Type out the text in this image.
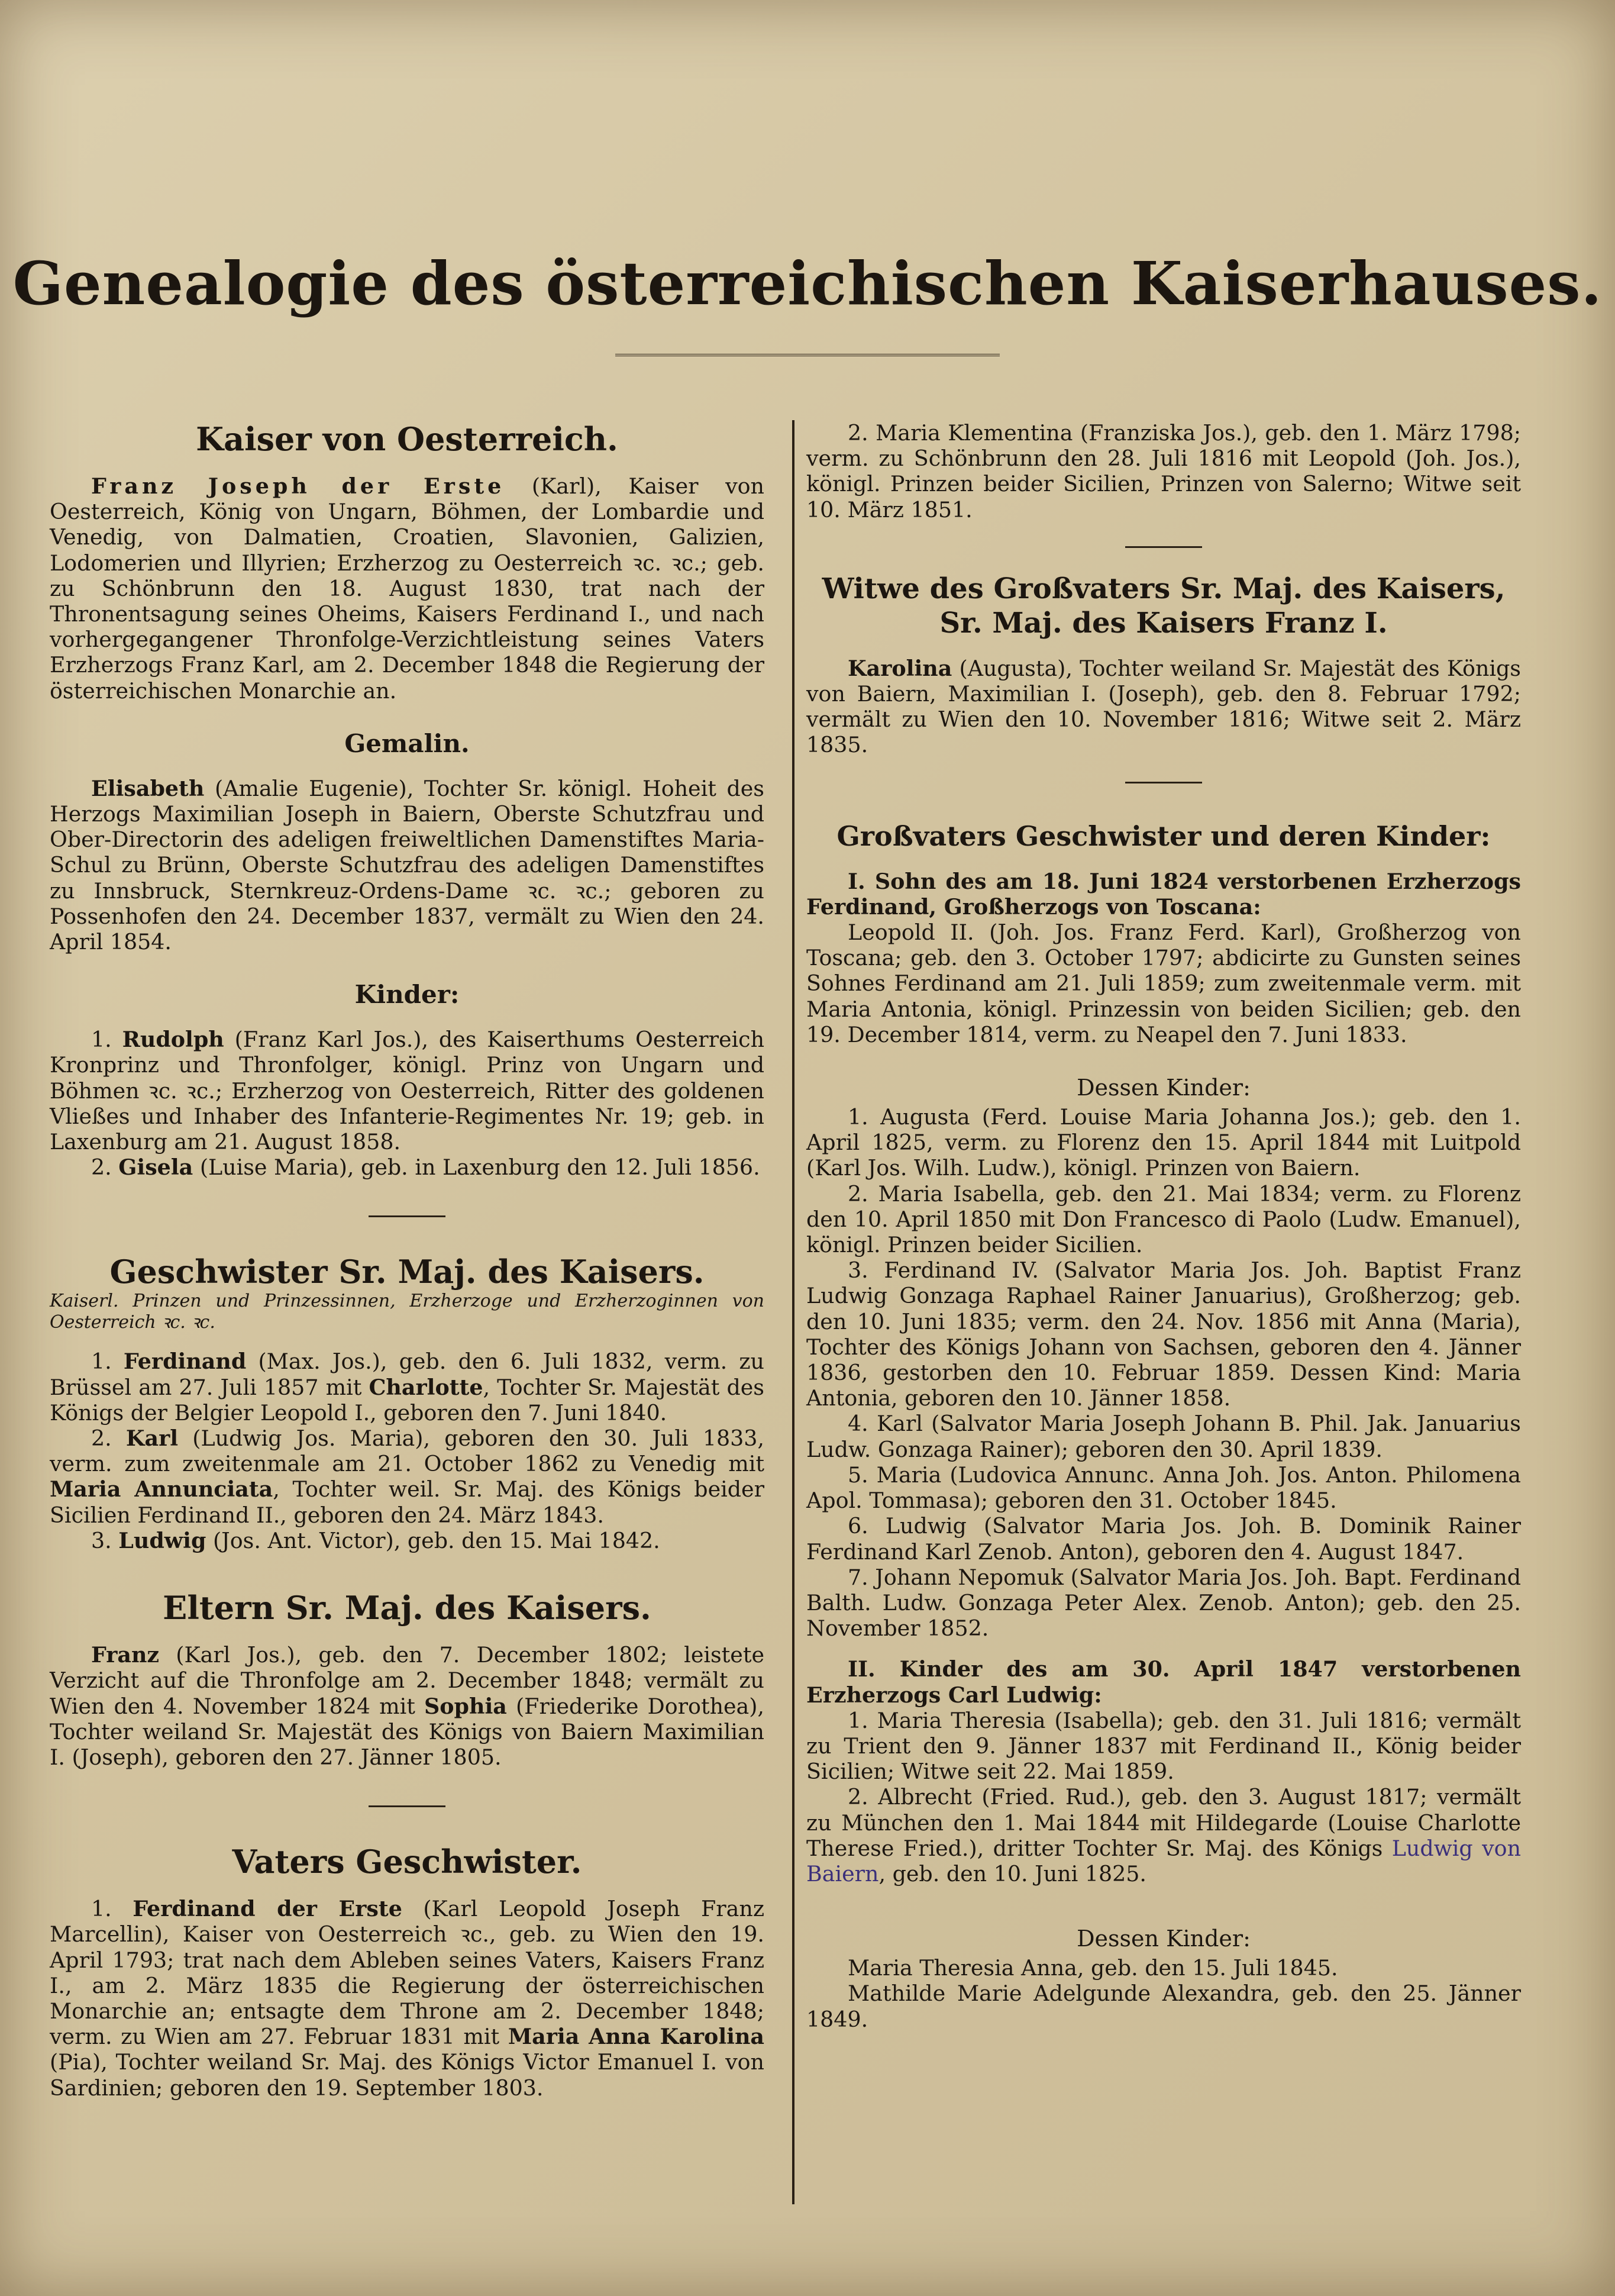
Genealogie des österreichischen Kaiserhauses.
Kaiser von Oesterreich.

Franz Joseph der Erste (Karl), Kaiser von Oesterreich, König von Ungarn, Böhmen, der Lombardie und Venedig, von Dalmatien, Croatien, Slavonien, Galizien, Lodomerien und Illyrien; Erzherzog zu Oesterreich ꝛc. ꝛc.; geb. zu Schönbrunn den 18. August 1830, trat nach der Thronentsagung seines Oheims, Kaisers Ferdinand I., und nach vorhergegangener Thronfolge-Verzichtleistung seines Vaters Erzherzogs Franz Karl, am 2. December 1848 die Regierung der österreichischen Monarchie an.

Gemalin.

Elisabeth (Amalie Eugenie), Tochter Sr. königl. Hoheit des Herzogs Maximilian Joseph in Baiern, Oberste Schutzfrau und Ober-Directorin des adeligen freiweltlichen Damenstiftes Maria-Schul zu Brünn, Oberste Schutzfrau des adeligen Damenstiftes zu Innsbruck, Sternkreuz-Ordens-Dame ꝛc. ꝛc.; geboren zu Possenhofen den 24. December 1837, vermält zu Wien den 24. April 1854.

Kinder:

1. Rudolph (Franz Karl Jos.), des Kaiserthums Oesterreich Kronprinz und Thronfolger, königl. Prinz von Ungarn und Böhmen ꝛc. ꝛc.; Erzherzog von Oesterreich, Ritter des goldenen Vließes und Inhaber des Infanterie-Regimentes Nr. 19; geb. in Laxenburg am 21. August 1858.

2. Gisela (Luise Maria), geb. in Laxenburg den 12. Juli 1856.

Geschwister Sr. Maj. des Kaisers.

Kaiserl. Prinzen und Prinzessinnen, Erzherzoge und Erzherzoginnen von Oesterreich ꝛc. ꝛc.

1. Ferdinand (Max. Jos.), geb. den 6. Juli 1832, verm. zu Brüssel am 27. Juli 1857 mit Charlotte, Tochter Sr. Majestät des Königs der Belgier Leopold I., geboren den 7. Juni 1840.

2. Karl (Ludwig Jos. Maria), geboren den 30. Juli 1833, verm. zum zweitenmale am 21. October 1862 zu Venedig mit Maria Annunciata, Tochter weil. Sr. Maj. des Königs beider Sicilien Ferdinand II., geboren den 24. März 1843.

3. Ludwig (Jos. Ant. Victor), geb. den 15. Mai 1842.

Eltern Sr. Maj. des Kaisers.

Franz (Karl Jos.), geb. den 7. December 1802; leistete Verzicht auf die Thronfolge am 2. December 1848; vermält zu Wien den 4. November 1824 mit Sophia (Friederike Dorothea), Tochter weiland Sr. Majestät des Königs von Baiern Maximilian I. (Joseph), geboren den 27. Jänner 1805.

Vaters Geschwister.

1. Ferdinand der Erste (Karl Leopold Joseph Franz Marcellin), Kaiser von Oesterreich ꝛc., geb. zu Wien den 19. April 1793; trat nach dem Ableben seines Vaters, Kaisers Franz I., am 2. März 1835 die Regierung der österreichischen Monarchie an; entsagte dem Throne am 2. December 1848; verm. zu Wien am 27. Februar 1831 mit Maria Anna Karolina (Pia), Tochter weiland Sr. Maj. des Königs Victor Emanuel I. von Sardinien; geboren den 19. September 1803.

2. Maria Klementina (Franziska Jos.), geb. den 1. März 1798; verm. zu Schönbrunn den 28. Juli 1816 mit Leopold (Joh. Jos.), königl. Prinzen beider Sicilien, Prinzen von Salerno; Witwe seit 10. März 1851.

Witwe des Großvaters Sr. Maj. des Kaisers, Sr. Maj. des Kaisers Franz I.

Karolina (Augusta), Tochter weiland Sr. Majestät des Königs von Baiern, Maximilian I. (Joseph), geb. den 8. Februar 1792; vermält zu Wien den 10. November 1816; Witwe seit 2. März 1835.

Großvaters Geschwister und deren Kinder:

I. Sohn des am 18. Juni 1824 verstorbenen Erzherzogs Ferdinand, Großherzogs von Toscana:

Leopold II. (Joh. Jos. Franz Ferd. Karl), Großherzog von Toscana; geb. den 3. October 1797; abdicirte zu Gunsten seines Sohnes Ferdinand am 21. Juli 1859; zum zweitenmale verm. mit Maria Antonia, königl. Prinzessin von beiden Sicilien; geb. den 19. December 1814, verm. zu Neapel den 7. Juni 1833.

Dessen Kinder:

1. Augusta (Ferd. Louise Maria Johanna Jos.); geb. den 1. April 1825, verm. zu Florenz den 15. April 1844 mit Luitpold (Karl Jos. Wilh. Ludw.), königl. Prinzen von Baiern.

2. Maria Isabella, geb. den 21. Mai 1834; verm. zu Florenz den 10. April 1850 mit Don Francesco di Paolo (Ludw. Emanuel), königl. Prinzen beider Sicilien.

3. Ferdinand IV. (Salvator Maria Jos. Joh. Baptist Franz Ludwig Gonzaga Raphael Rainer Januarius), Großherzog; geb. den 10. Juni 1835; verm. den 24. Nov. 1856 mit Anna (Maria), Tochter des Königs Johann von Sachsen, geboren den 4. Jänner 1836, gestorben den 10. Februar 1859. Dessen Kind: Maria Antonia, geboren den 10. Jänner 1858.

4. Karl (Salvator Maria Joseph Johann B. Phil. Jak. Januarius Ludw. Gonzaga Rainer); geboren den 30. April 1839.

5. Maria (Ludovica Annunc. Anna Joh. Jos. Anton. Philomena Apol. Tommasa); geboren den 31. October 1845.

6. Ludwig (Salvator Maria Jos. Joh. B. Dominik Rainer Ferdinand Karl Zenob. Anton), geboren den 4. August 1847.

7. Johann Nepomuk (Salvator Maria Jos. Joh. Bapt. Ferdinand Balth. Ludw. Gonzaga Peter Alex. Zenob. Anton); geb. den 25. November 1852.

II. Kinder des am 30. April 1847 verstorbenen Erzherzogs Carl Ludwig:

1. Maria Theresia (Isabella); geb. den 31. Juli 1816; vermält zu Trient den 9. Jänner 1837 mit Ferdinand II., König beider Sicilien; Witwe seit 22. Mai 1859.

2. Albrecht (Fried. Rud.), geb. den 3. August 1817; vermält zu München den 1. Mai 1844 mit Hildegarde (Louise Charlotte Therese Fried.), dritter Tochter Sr. Maj. des Königs Ludwig von Baiern, geb. den 10. Juni 1825.

Dessen Kinder:

Maria Theresia Anna, geb. den 15. Juli 1845.

Mathilde Marie Adelgunde Alexandra, geb. den 25. Jänner 1849.
